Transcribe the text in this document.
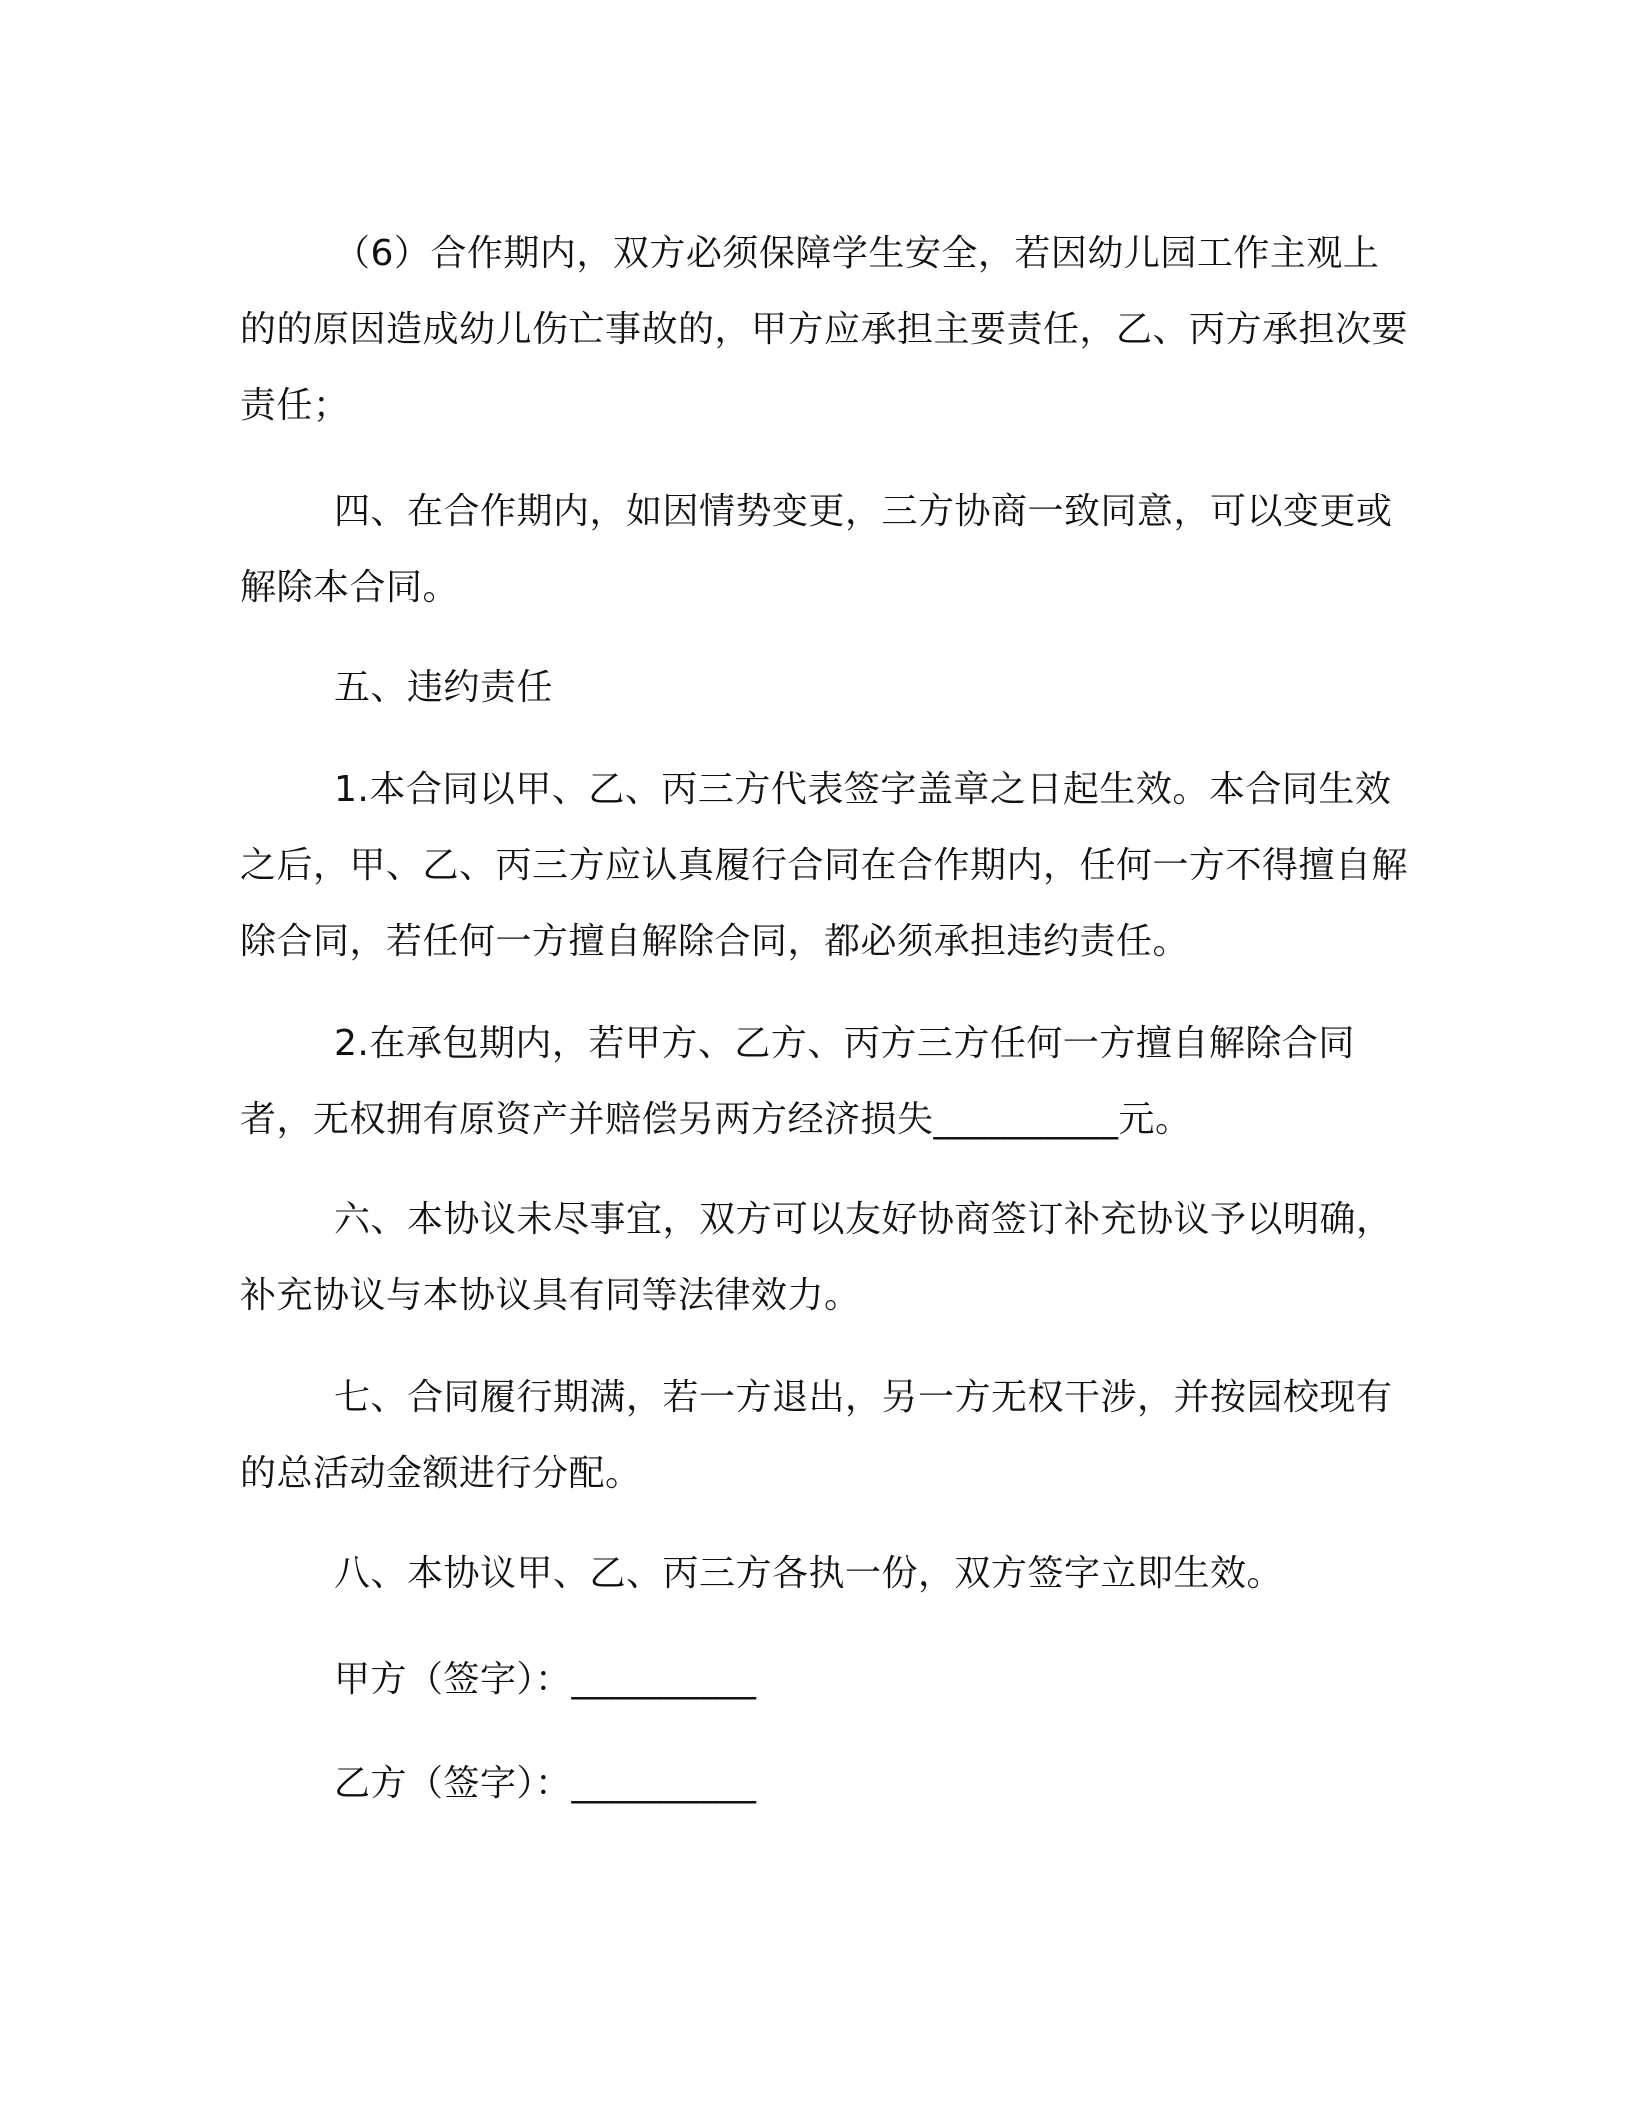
（6）合作期内，双方必须保障学生安全，若因幼儿园工作主观上的的原因造成幼儿伤亡事故的，甲方应承担主要责任，乙、丙方承担次要责任；

四、在合作期内，如因情势变更，三方协商一致同意，可以变更或解除本合同。

五、违约责任

1.本合同以甲、乙、丙三方代表签字盖章之日起生效。本合同生效之后，甲、乙、丙三方应认真履行合同在合作期内，任何一方不得擅自解除合同，若任何一方擅自解除合同，都必须承担违约责任。

2.在承包期内，若甲方、乙方、丙方三方任何一方擅自解除合同者，无权拥有原资产并赔偿另两方经济损失__________元。

六、本协议未尽事宜，双方可以友好协商签订补充协议予以明确，补充协议与本协议具有同等法律效力。

七、合同履行期满，若一方退出，另一方无权干涉，并按园校现有的总活动金额进行分配。

八、本协议甲、乙、丙三方各执一份，双方签字立即生效。

甲方（签字）：__________

乙方（签字）：__________
